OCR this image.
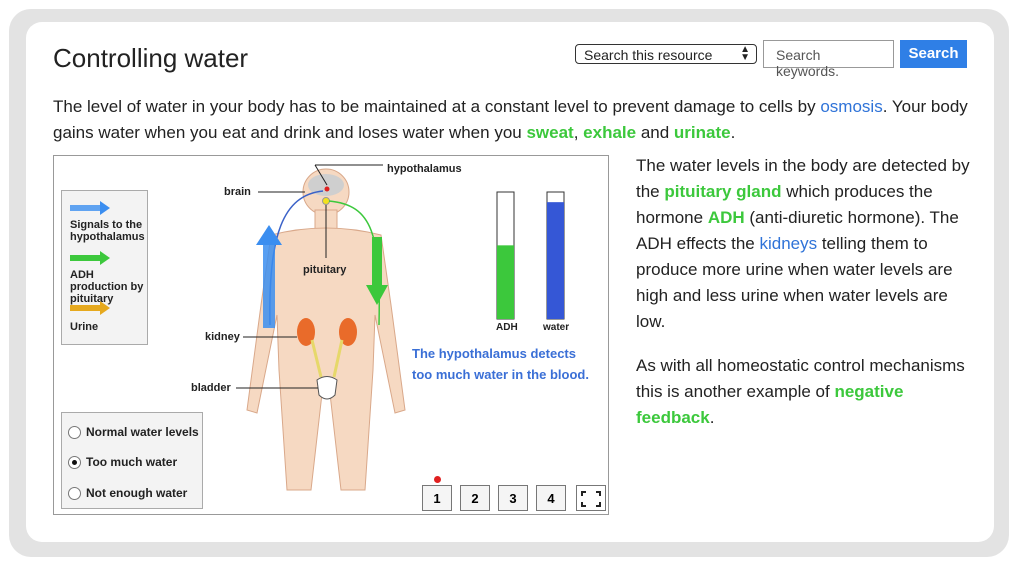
Controlling water	Search this resource	▲
▼	Search keywords.
Search
The level of water in your body has to be maintained at a constant level to prevent damage to cells by osmosis. Your body gains water when you eat and drink and loses water when you sweat, exhale and urinate.

The water levels in the body are detected by the pituitary gland which produces the hormone ADH (anti-diuretic hormone). The ADH effects the kidneys telling them to produce more urine when water levels are high and less urine when water levels are low.

As with all homeostatic control mechanisms this is another example of negative feedback.

hypothalamus
brain
pituitary
kidney
bladder
ADH	water
Signals to the hypothalamus
ADH production by pituitary
Urine
The hypothalamus detects
too much water in the blood.
Normal water levels
Too much water
Not enough water	1	2	3	4
